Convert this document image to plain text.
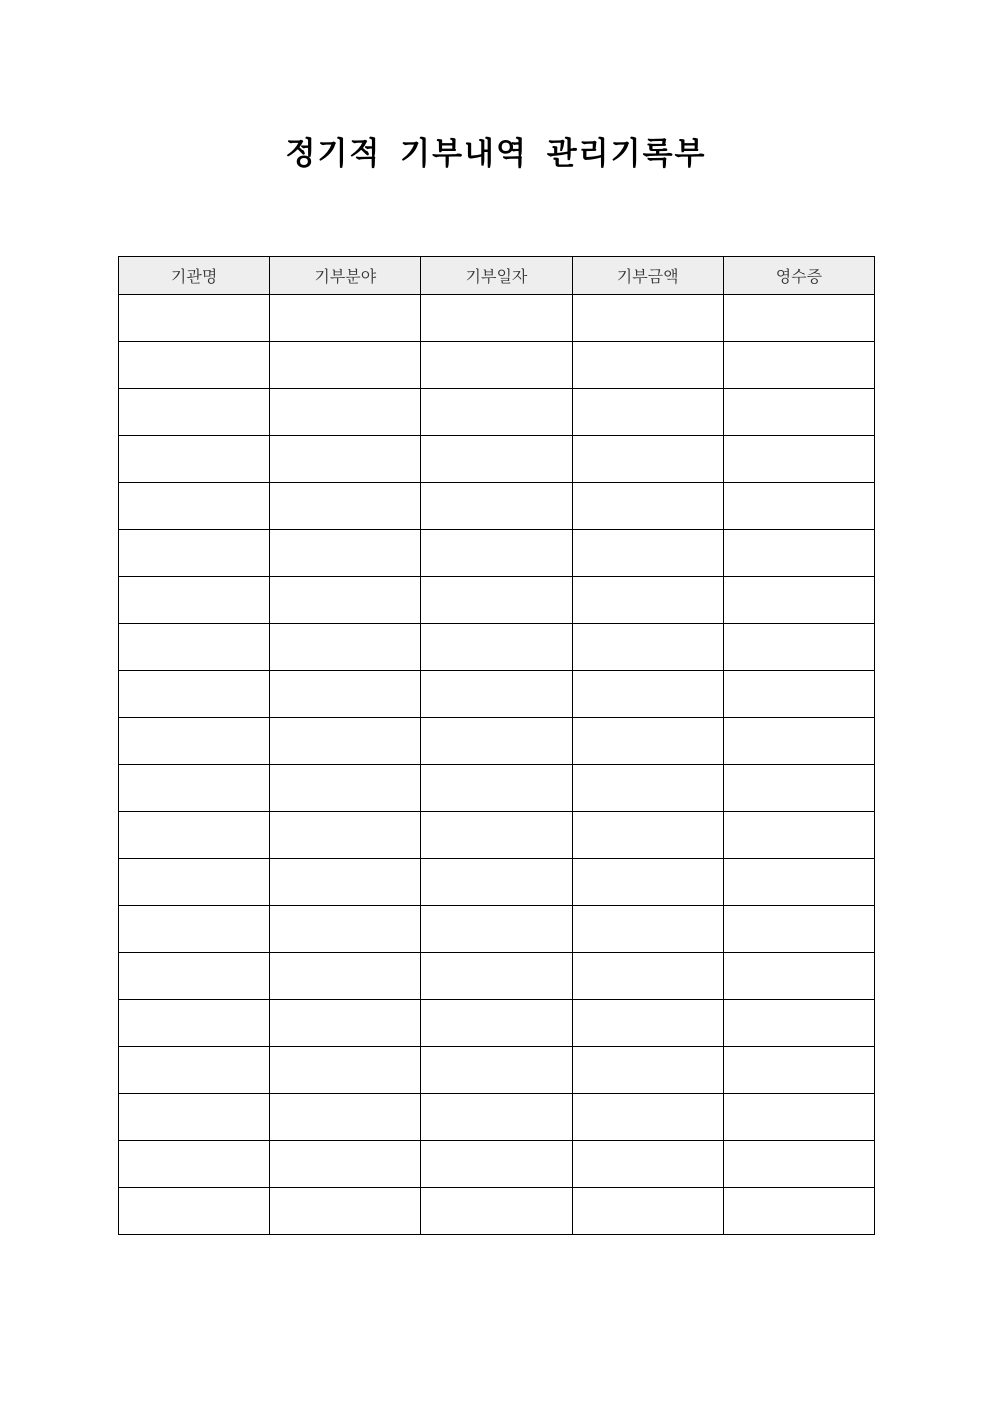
정기적 기부내역 관리기록부
기관명	기부분야	기부일자	기부금액	영수증
